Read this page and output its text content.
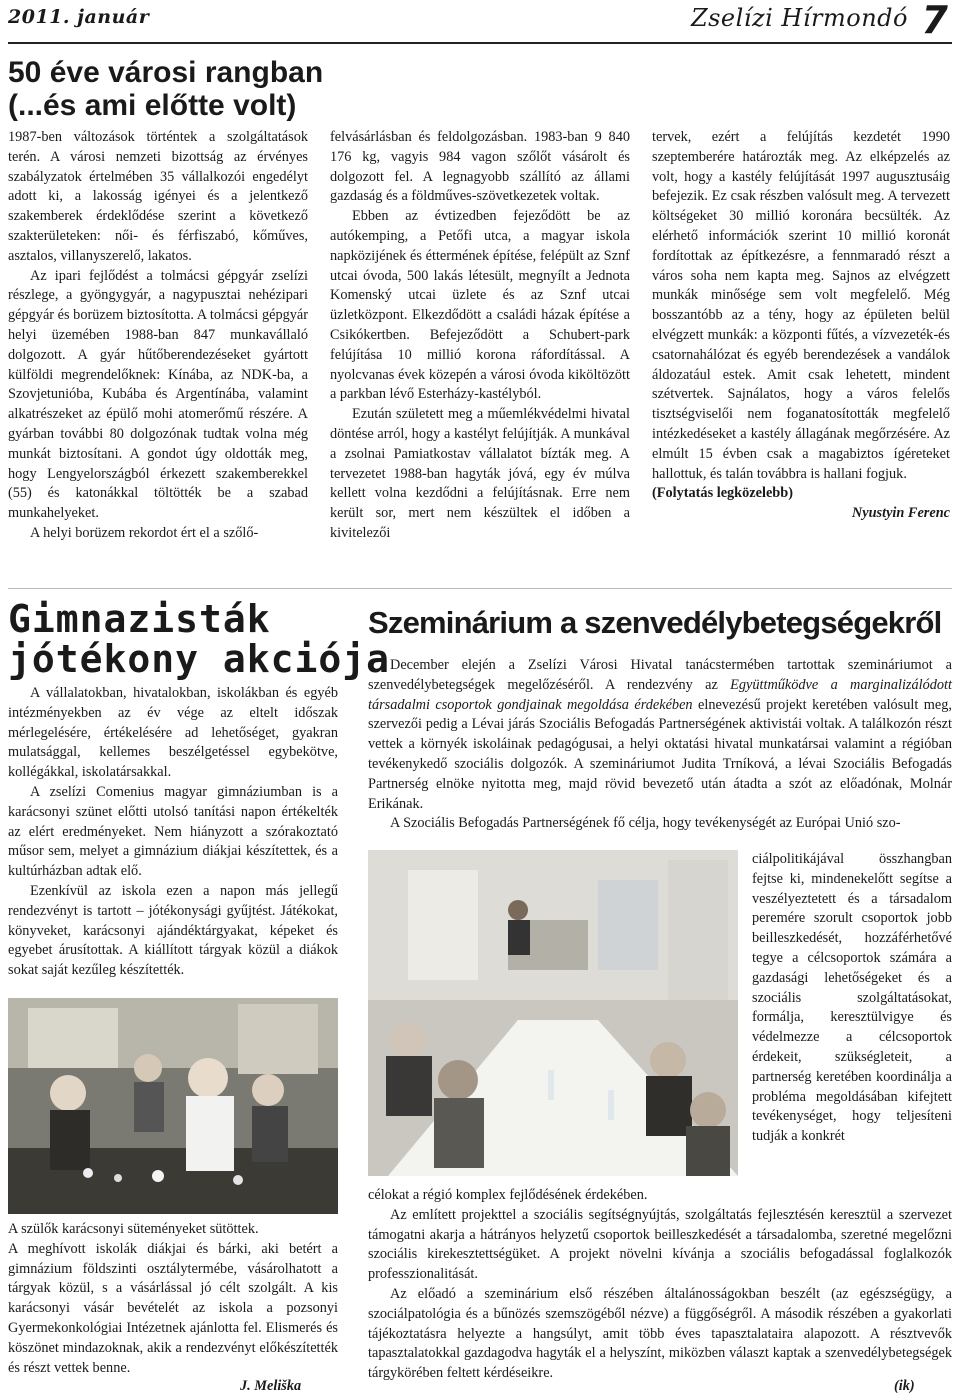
2011. január	Zselízi Hírmondó 7
50 éve városi rangban
(...és ami előtte volt)

1987-ben változások történtek a szolgáltatások terén. A városi nemzeti bizottság az érvényes szabályzatok értelmében 35 vállalkozói engedélyt adott ki, a lakosság igényei és a jelentkező szakemberek érdeklődése szerint a következő szakterületeken: női- és férfiszabó, kőműves, asztalos, villanyszerelő, lakatos.

Az ipari fejlődést a tolmácsi gépgyár zselízi részlege, a gyöngygyár, a nagypusztai nehézipari gépgyár és borüzem biztosította. A tolmácsi gépgyár helyi üzemében 1988-ban 847 munkavállaló dolgozott. A gyár hűtőberendezéseket gyártott külföldi megrendelőknek: Kínába, az NDK-ba, a Szovjetunióba, Kubába és Argentínába, valamint alkatrészeket az épülő mohi atomerőmű részére. A gyárban további 80 dolgozónak tudtak volna még munkát biztosítani. A gondot úgy oldották meg, hogy Lengyelországból érkezett szakemberekkel (55) és katonákkal töltötték be a szabad munkahelyeket.

A helyi borüzem rekordot ért el a szőlő-

felvásárlásban és feldolgozásban. 1983-ban 9 840 176 kg, vagyis 984 vagon szőlőt vásárolt és dolgozott fel. A legnagyobb szállító az állami gazdaság és a földműves-szövetkezetek voltak.

Ebben az évtizedben fejeződött be az autókemping, a Petőfi utca, a magyar iskola napközijének és éttermének építése, felépült az Sznf utcai óvoda, 500 lakás létesült, megnyílt a Jednota Komenský utcai üzlete és az Sznf utcai üzletközpont. Elkezdődött a családi házak építése a Csikókertben. Befejeződött a Schubert-park felújítása 10 millió korona ráfordítással. A nyolcvanas évek közepén a városi óvoda kiköltözött a parkban lévő Esterházy-kastélyból.

Ezután született meg a műemlékvédelmi hivatal döntése arról, hogy a kastélyt felújítják. A munkával a zsolnai Pamiatkostav vállalatot bízták meg. A tervezetet 1988-ban hagyták jóvá, egy év múlva kellett volna kezdődni a felújításnak. Erre nem került sor, mert nem készültek el időben a kivitelezői

tervek, ezért a felújítás kezdetét 1990 szeptemberére határozták meg. Az elképzelés az volt, hogy a kastély felújítását 1997 augusztusáig befejezik. Ez csak részben valósult meg. A tervezett költségeket 30 millió koronára becsülték. Az elérhető információk szerint 10 millió koronát fordítottak az építkezésre, a fennmaradó részt a város soha nem kapta meg. Sajnos az elvégzett munkák minősége sem volt megfelelő. Még bosszantóbb az a tény, hogy az épületen belül elvégzett munkák: a központi fűtés, a vízvezeték-és csatornahálózat és egyéb berendezések a vandálok áldozatául estek. Amit csak lehetett, mindent szétvertek. Sajnálatos, hogy a város felelős tisztségviselői nem foganatosították megfelelő intézkedéseket a kastély állagának megőrzésére. Az elmúlt 15 évben csak a magabiztos ígéreteket hallottuk, és talán továbbra is hallani fogjuk.

(Folytatás legközelebb)

Nyustyin Ferenc

Gimnazisták
jótékony akciója

A vállalatokban, hivatalokban, iskolákban és egyéb intézményekben az év vége az eltelt időszak mérlegelésére, értékelésére ad lehetőséget, gyakran mulatsággal, kellemes beszélgetéssel egybekötve, kollégákkal, iskolatársakkal.

A zselízi Comenius magyar gimnáziumban is a karácsonyi szünet előtti utolsó tanítási napon értékelték az elért eredményeket. Nem hiányzott a szórakoztató műsor sem, melyet a gimnázium diákjai készítettek, és a kultúrházban adtak elő.

Ezenkívül az iskola ezen a napon más jellegű rendezvényt is tartott – jótékonysági gyűjtést. Játékokat, könyveket, karácsonyi ajándéktárgyakat, képeket és egyebet árusítottak. A kiállított tárgyak közül a diákok sokat saját kezűleg készítették.

A szülők karácsonyi süteményeket sütöttek.

A meghívott iskolák diákjai és bárki, aki betért a gimnázium földszinti osztálytermébe, vásárolhatott a tárgyak közül, s a vásárlással jó célt szolgált. A kis karácsonyi vásár bevételét az iskola a pozsonyi Gyermekonkológiai Intézetnek ajánlotta fel. Elismerés és köszönet mindazoknak, akik a rendezvényt előkészítették és részt vettek benne.

J. Meliška
Szeminárium a szenvedélybetegségekről

December elején a Zselízi Városi Hivatal tanácstermében tartottak szemináriumot a szenvedélybetegségek megelőzéséről. A rendezvény az Együttműködve a marginalizálódott társadalmi csoportok gondjainak megoldása érdekében elnevezésű projekt keretében valósult meg, szervezői pedig a Lévai járás Szociális Befogadás Partnerségének aktivistái voltak. A találkozón részt vettek a környék iskoláinak pedagógusai, a helyi oktatási hivatal munkatársai valamint a régióban tevékenykedő szociális dolgozók. A szemináriumot Judita Trníková, a lévai Szociális Befogadás Partnerség elnöke nyitotta meg, majd rövid bevezető után átadta a szót az előadónak, Molnár Erikának.

A Szociális Befogadás Partnerségének fő célja, hogy tevékenységét az Európai Unió szo-

ciálpolitikájával összhangban fejtse ki, mindenekelőtt segítse a veszélyeztetett és a társadalom peremére szorult csoportok jobb beilleszkedését, hozzáférhetővé tegye a célcsoportok számára a gazdasági lehetőségeket és a szociális szolgáltatásokat, formálja, keresztülvigye és védelmezze a célcsoportok érdekeit, szükségleteit, a partnerség keretében koordinálja a probléma megoldásában kifejtett tevékenységet, hogy teljesíteni tudják a konkrét

célokat a régió komplex fejlődésének érdekében.

Az említett projekttel a szociális segítségnyújtás, szolgáltatás fejlesztésén keresztül a szervezet támogatni akarja a hátrányos helyzetű csoportok beilleszkedését a társadalomba, szeretné megelőzni szociális kirekesztettségüket. A projekt növelni kívánja a szociális befogadással foglalkozók professzionalitását.

Az előadó a szeminárium első részében általánosságokban beszélt (az egészségügy, a szociálpatológia és a bűnözés szemszögéből nézve) a függőségről. A második részében a gyakorlati tájékoztatásra helyezte a hangsúlyt, amit több éves tapasztalataira alapozott. A résztvevők tapasztalatokkal gazdagodva hagyták el a helyszínt, miközben választ kaptak a szenvedélybetegségek tárgykörében feltett kérdéseikre.

(ik)
